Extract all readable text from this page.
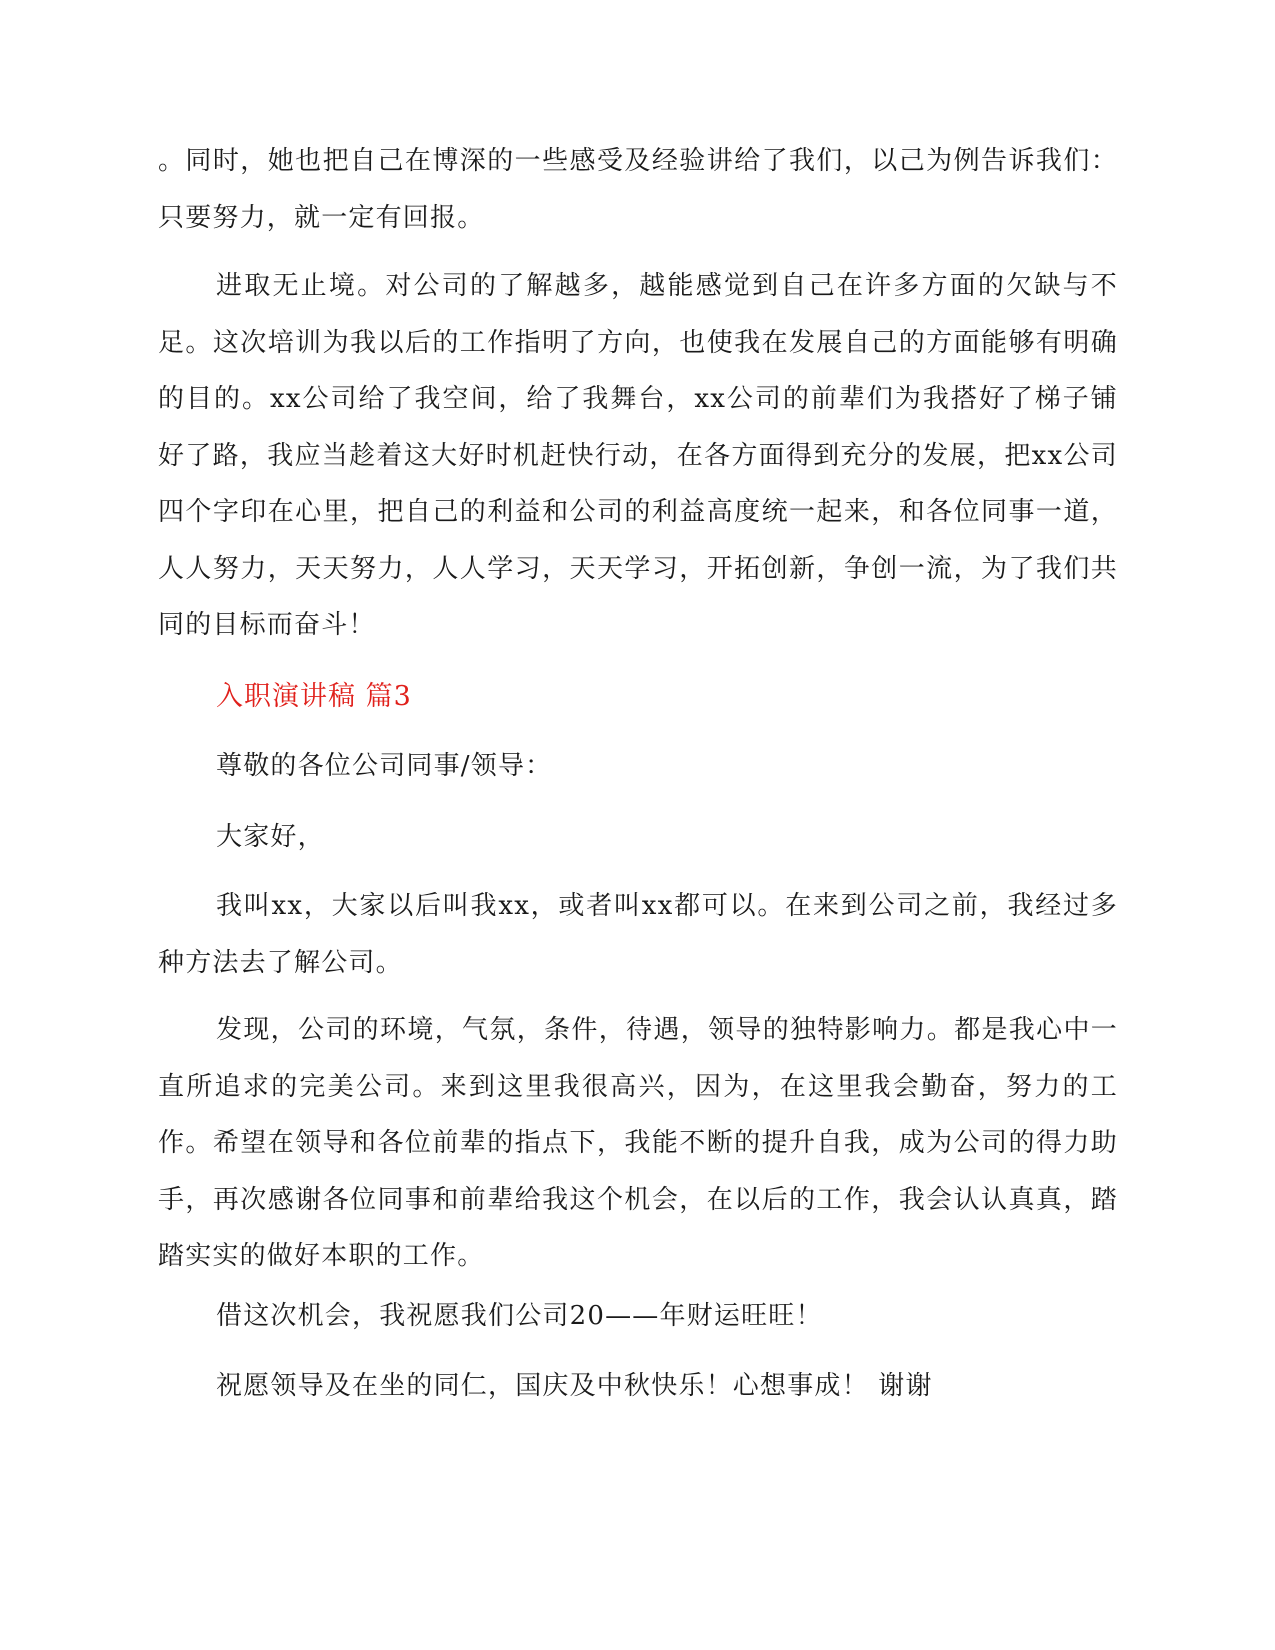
。同时，她也把自己在博深的一些感受及经验讲给了我们，以己为例告诉我们：只要努力，就一定有回报。

进取无止境。对公司的了解越多，越能感觉到自己在许多方面的欠缺与不足。这次培训为我以后的工作指明了方向，也使我在发展自己的方面能够有明确的目的。xx公司给了我空间，给了我舞台，xx公司的前辈们为我搭好了梯子铺好了路，我应当趁着这大好时机赶快行动，在各方面得到充分的发展，把xx公司四个字印在心里，把自己的利益和公司的利益高度统一起来，和各位同事一道，人人努力，天天努力，人人学习，天天学习，开拓创新，争创一流，为了我们共同的目标而奋斗！

入职演讲稿 篇3

尊敬的各位公司同事/领导：

大家好，

我叫xx，大家以后叫我xx，或者叫xx都可以。在来到公司之前，我经过多种方法去了解公司。

发现，公司的环境，气氛，条件，待遇，领导的独特影响力。都是我心中一直所追求的完美公司。来到这里我很高兴，因为，在这里我会勤奋，努力的工作。希望在领导和各位前辈的指点下，我能不断的提升自我，成为公司的得力助手，再次感谢各位同事和前辈给我这个机会，在以后的工作，我会认认真真，踏踏实实的做好本职的工作。

借这次机会，我祝愿我们公司20——年财运旺旺！

祝愿领导及在坐的同仁，国庆及中秋快乐！心想事成！ 谢谢
